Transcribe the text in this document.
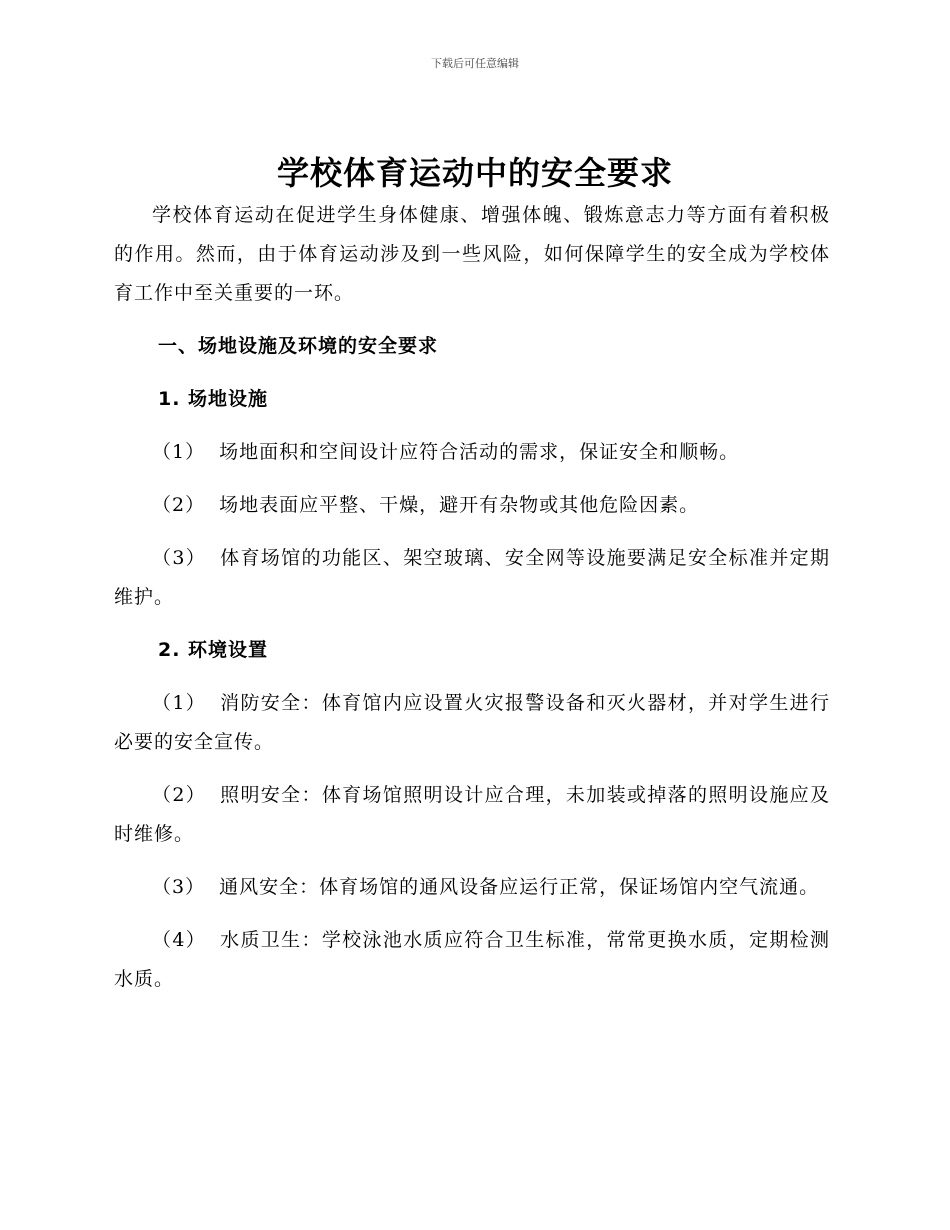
下载后可任意编辑
学校体育运动中的安全要求

学校体育运动在促进学生身体健康、增强体魄、锻炼意志力等方面有着积极的作用。然而，由于体育运动涉及到一些风险，如何保障学生的安全成为学校体育工作中至关重要的一环。

一、场地设施及环境的安全要求

1. 场地设施

（1） 场地面积和空间设计应符合活动的需求，保证安全和顺畅。

（2） 场地表面应平整、干燥，避开有杂物或其他危险因素。

（3） 体育场馆的功能区、架空玻璃、安全网等设施要满足安全标准并定期维护。

2. 环境设置

（1） 消防安全：体育馆内应设置火灾报警设备和灭火器材，并对学生进行必要的安全宣传。

（2） 照明安全：体育场馆照明设计应合理，未加装或掉落的照明设施应及时维修。

（3） 通风安全：体育场馆的通风设备应运行正常，保证场馆内空气流通。

（4） 水质卫生：学校泳池水质应符合卫生标准，常常更换水质，定期检测水质。
